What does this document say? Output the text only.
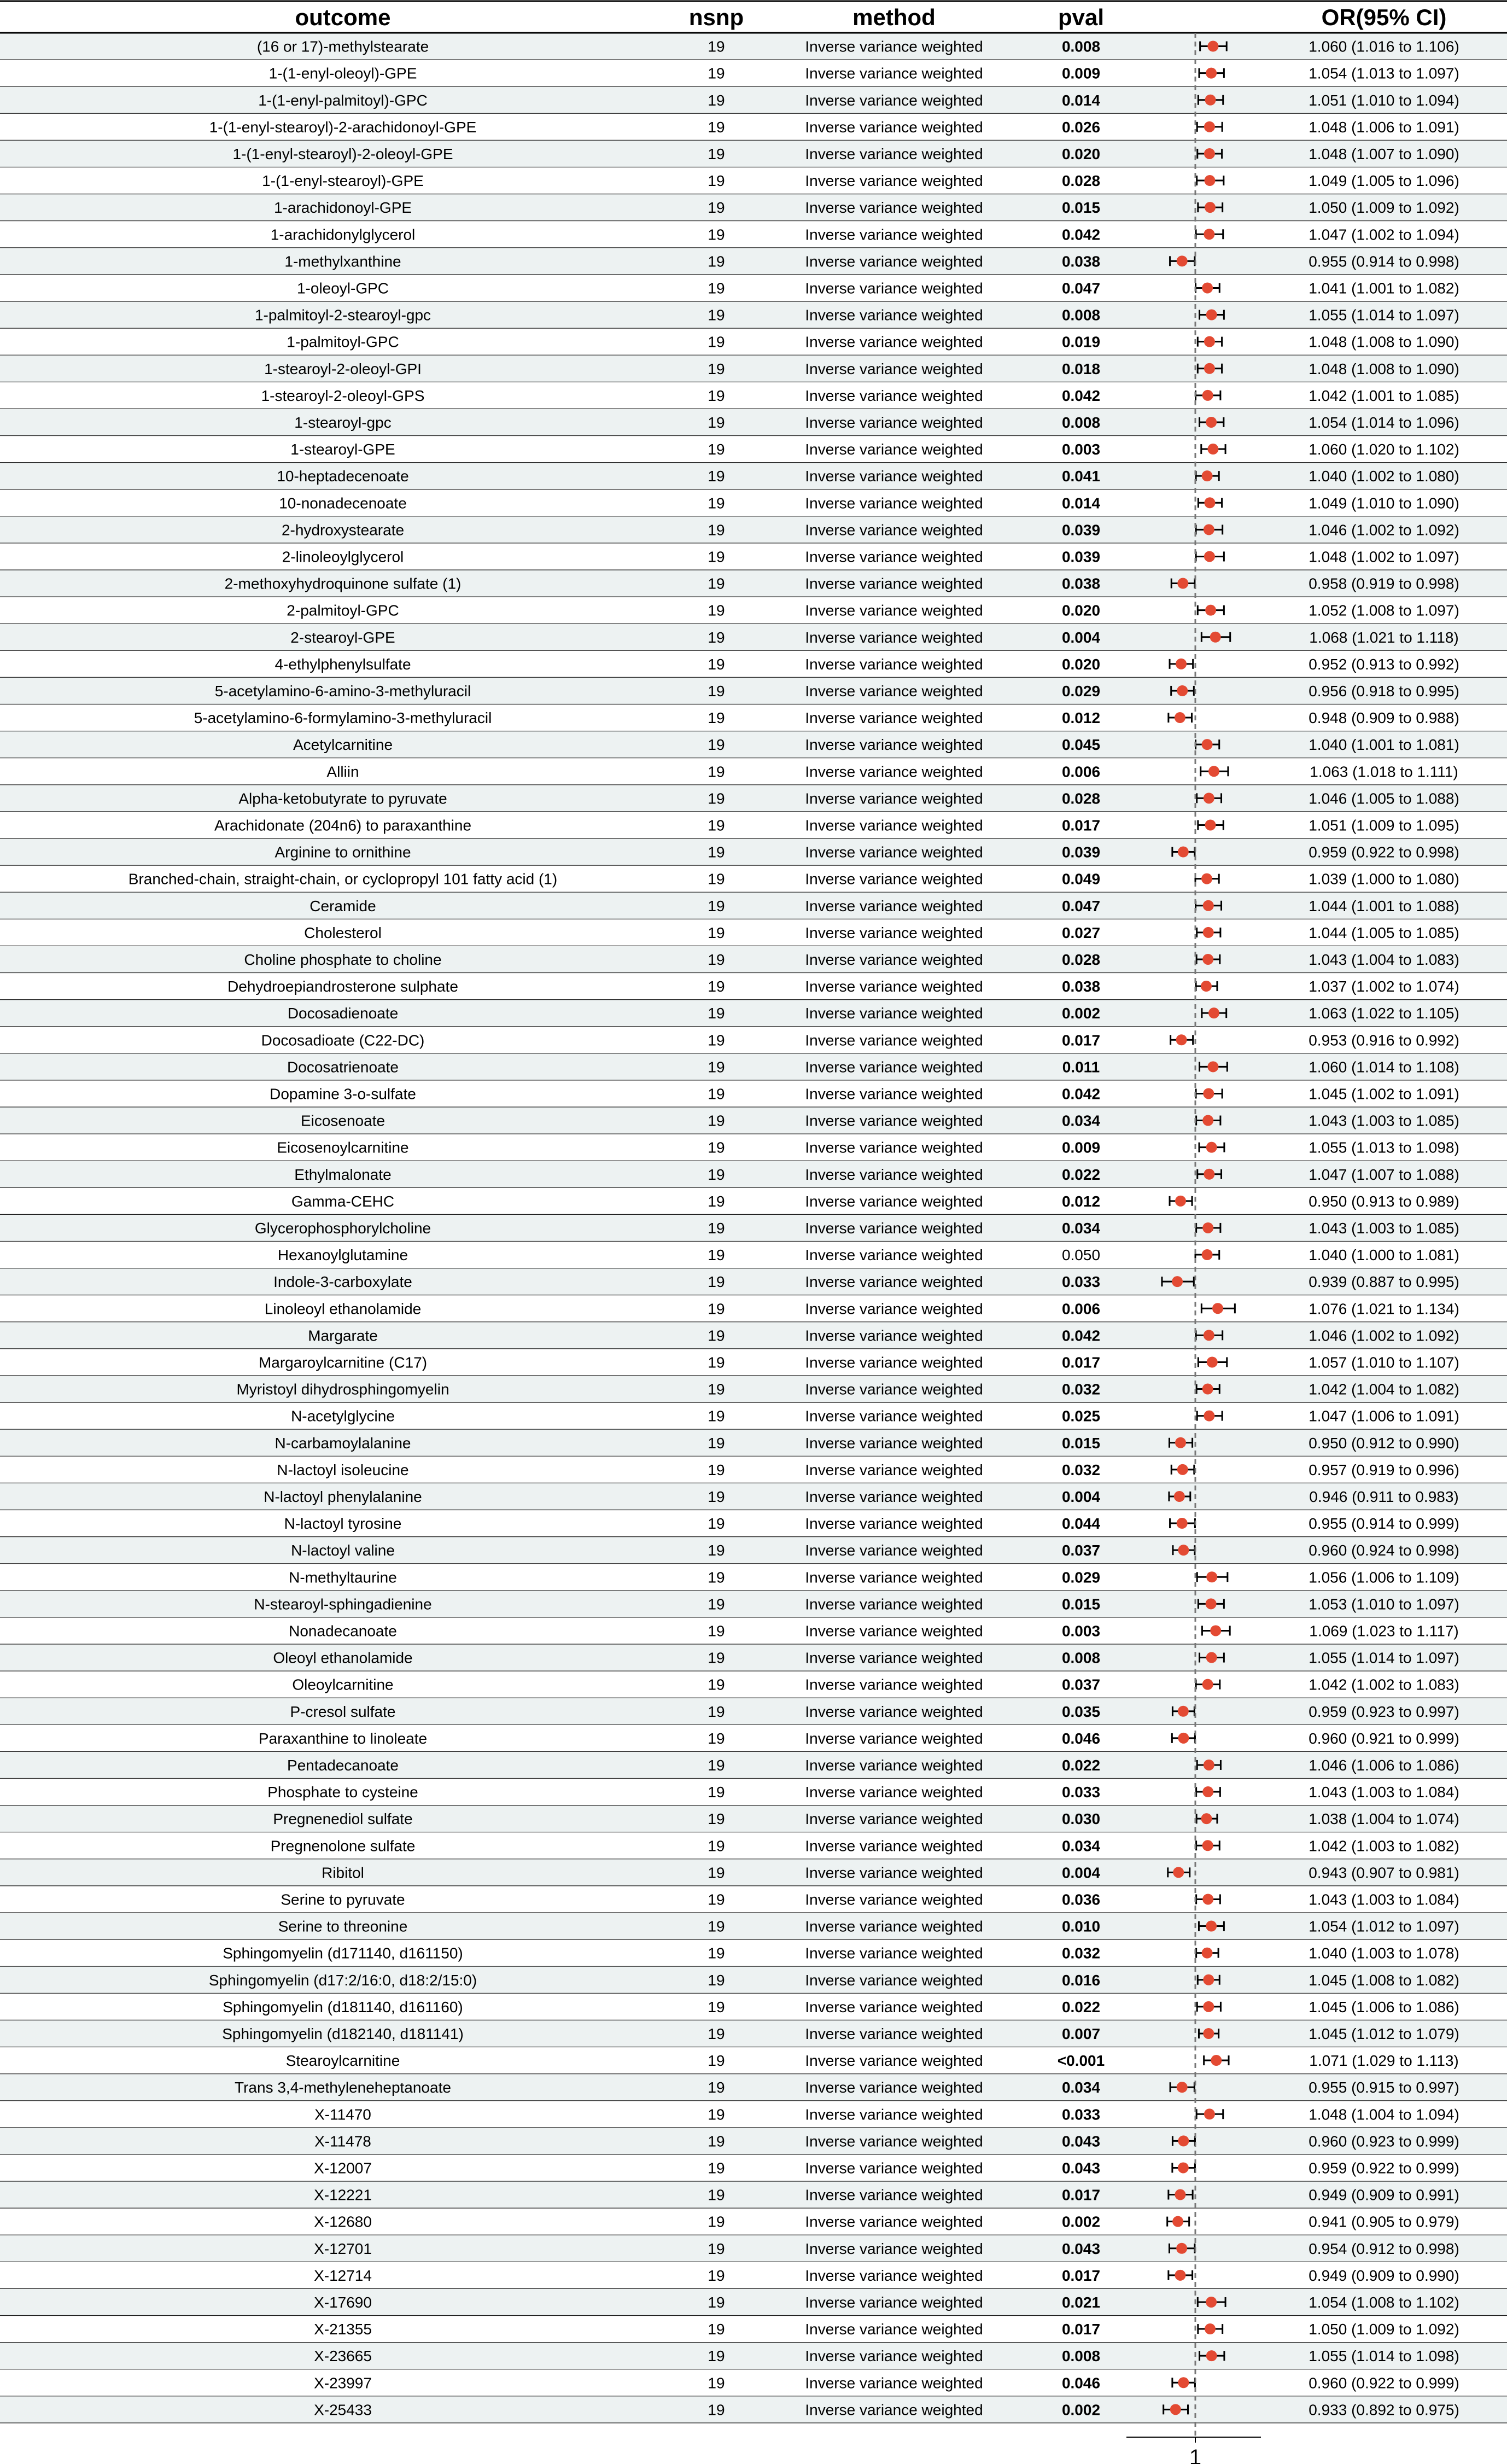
outcome	nsnp	method	pval	OR(95% CI)
(16 or 17)-methylstearate	19	Inverse variance weighted	0.008	1.060 (1.016 to 1.106)
1-(1-enyl-oleoyl)-GPE	19	Inverse variance weighted	0.009	1.054 (1.013 to 1.097)
1-(1-enyl-palmitoyl)-GPC	19	Inverse variance weighted	0.014	1.051 (1.010 to 1.094)
1-(1-enyl-stearoyl)-2-arachidonoyl-GPE	19	Inverse variance weighted	0.026	1.048 (1.006 to 1.091)
1-(1-enyl-stearoyl)-2-oleoyl-GPE	19	Inverse variance weighted	0.020	1.048 (1.007 to 1.090)
1-(1-enyl-stearoyl)-GPE	19	Inverse variance weighted	0.028	1.049 (1.005 to 1.096)
1-arachidonoyl-GPE	19	Inverse variance weighted	0.015	1.050 (1.009 to 1.092)
1-arachidonylglycerol	19	Inverse variance weighted	0.042	1.047 (1.002 to 1.094)
1-methylxanthine	19	Inverse variance weighted	0.038	0.955 (0.914 to 0.998)
1-oleoyl-GPC	19	Inverse variance weighted	0.047	1.041 (1.001 to 1.082)
1-palmitoyl-2-stearoyl-gpc	19	Inverse variance weighted	0.008	1.055 (1.014 to 1.097)
1-palmitoyl-GPC	19	Inverse variance weighted	0.019	1.048 (1.008 to 1.090)
1-stearoyl-2-oleoyl-GPI	19	Inverse variance weighted	0.018	1.048 (1.008 to 1.090)
1-stearoyl-2-oleoyl-GPS	19	Inverse variance weighted	0.042	1.042 (1.001 to 1.085)
1-stearoyl-gpc	19	Inverse variance weighted	0.008	1.054 (1.014 to 1.096)
1-stearoyl-GPE	19	Inverse variance weighted	0.003	1.060 (1.020 to 1.102)
10-heptadecenoate	19	Inverse variance weighted	0.041	1.040 (1.002 to 1.080)
10-nonadecenoate	19	Inverse variance weighted	0.014	1.049 (1.010 to 1.090)
2-hydroxystearate	19	Inverse variance weighted	0.039	1.046 (1.002 to 1.092)
2-linoleoylglycerol	19	Inverse variance weighted	0.039	1.048 (1.002 to 1.097)
2-methoxyhydroquinone sulfate (1)	19	Inverse variance weighted	0.038	0.958 (0.919 to 0.998)
2-palmitoyl-GPC	19	Inverse variance weighted	0.020	1.052 (1.008 to 1.097)
2-stearoyl-GPE	19	Inverse variance weighted	0.004	1.068 (1.021 to 1.118)
4-ethylphenylsulfate	19	Inverse variance weighted	0.020	0.952 (0.913 to 0.992)
5-acetylamino-6-amino-3-methyluracil	19	Inverse variance weighted	0.029	0.956 (0.918 to 0.995)
5-acetylamino-6-formylamino-3-methyluracil	19	Inverse variance weighted	0.012	0.948 (0.909 to 0.988)
Acetylcarnitine	19	Inverse variance weighted	0.045	1.040 (1.001 to 1.081)
Alliin	19	Inverse variance weighted	0.006	1.063 (1.018 to 1.111)
Alpha-ketobutyrate to pyruvate	19	Inverse variance weighted	0.028	1.046 (1.005 to 1.088)
Arachidonate (204n6) to paraxanthine	19	Inverse variance weighted	0.017	1.051 (1.009 to 1.095)
Arginine to ornithine	19	Inverse variance weighted	0.039	0.959 (0.922 to 0.998)
Branched-chain, straight-chain, or cyclopropyl 101 fatty acid (1)	19	Inverse variance weighted	0.049	1.039 (1.000 to 1.080)
Ceramide	19	Inverse variance weighted	0.047	1.044 (1.001 to 1.088)
Cholesterol	19	Inverse variance weighted	0.027	1.044 (1.005 to 1.085)
Choline phosphate to choline	19	Inverse variance weighted	0.028	1.043 (1.004 to 1.083)
Dehydroepiandrosterone sulphate	19	Inverse variance weighted	0.038	1.037 (1.002 to 1.074)
Docosadienoate	19	Inverse variance weighted	0.002	1.063 (1.022 to 1.105)
Docosadioate (C22-DC)	19	Inverse variance weighted	0.017	0.953 (0.916 to 0.992)
Docosatrienoate	19	Inverse variance weighted	0.011	1.060 (1.014 to 1.108)
Dopamine 3-o-sulfate	19	Inverse variance weighted	0.042	1.045 (1.002 to 1.091)
Eicosenoate	19	Inverse variance weighted	0.034	1.043 (1.003 to 1.085)
Eicosenoylcarnitine	19	Inverse variance weighted	0.009	1.055 (1.013 to 1.098)
Ethylmalonate	19	Inverse variance weighted	0.022	1.047 (1.007 to 1.088)
Gamma-CEHC	19	Inverse variance weighted	0.012	0.950 (0.913 to 0.989)
Glycerophosphorylcholine	19	Inverse variance weighted	0.034	1.043 (1.003 to 1.085)
Hexanoylglutamine	19	Inverse variance weighted	0.050	1.040 (1.000 to 1.081)
Indole-3-carboxylate	19	Inverse variance weighted	0.033	0.939 (0.887 to 0.995)
Linoleoyl ethanolamide	19	Inverse variance weighted	0.006	1.076 (1.021 to 1.134)
Margarate	19	Inverse variance weighted	0.042	1.046 (1.002 to 1.092)
Margaroylcarnitine (C17)	19	Inverse variance weighted	0.017	1.057 (1.010 to 1.107)
Myristoyl dihydrosphingomyelin	19	Inverse variance weighted	0.032	1.042 (1.004 to 1.082)
N-acetylglycine	19	Inverse variance weighted	0.025	1.047 (1.006 to 1.091)
N-carbamoylalanine	19	Inverse variance weighted	0.015	0.950 (0.912 to 0.990)
N-lactoyl isoleucine	19	Inverse variance weighted	0.032	0.957 (0.919 to 0.996)
N-lactoyl phenylalanine	19	Inverse variance weighted	0.004	0.946 (0.911 to 0.983)
N-lactoyl tyrosine	19	Inverse variance weighted	0.044	0.955 (0.914 to 0.999)
N-lactoyl valine	19	Inverse variance weighted	0.037	0.960 (0.924 to 0.998)
N-methyltaurine	19	Inverse variance weighted	0.029	1.056 (1.006 to 1.109)
N-stearoyl-sphingadienine	19	Inverse variance weighted	0.015	1.053 (1.010 to 1.097)
Nonadecanoate	19	Inverse variance weighted	0.003	1.069 (1.023 to 1.117)
Oleoyl ethanolamide	19	Inverse variance weighted	0.008	1.055 (1.014 to 1.097)
Oleoylcarnitine	19	Inverse variance weighted	0.037	1.042 (1.002 to 1.083)
P-cresol sulfate	19	Inverse variance weighted	0.035	0.959 (0.923 to 0.997)
Paraxanthine to linoleate	19	Inverse variance weighted	0.046	0.960 (0.921 to 0.999)
Pentadecanoate	19	Inverse variance weighted	0.022	1.046 (1.006 to 1.086)
Phosphate to cysteine	19	Inverse variance weighted	0.033	1.043 (1.003 to 1.084)
Pregnenediol sulfate	19	Inverse variance weighted	0.030	1.038 (1.004 to 1.074)
Pregnenolone sulfate	19	Inverse variance weighted	0.034	1.042 (1.003 to 1.082)
Ribitol	19	Inverse variance weighted	0.004	0.943 (0.907 to 0.981)
Serine to pyruvate	19	Inverse variance weighted	0.036	1.043 (1.003 to 1.084)
Serine to threonine	19	Inverse variance weighted	0.010	1.054 (1.012 to 1.097)
Sphingomyelin (d171140, d161150)	19	Inverse variance weighted	0.032	1.040 (1.003 to 1.078)
Sphingomyelin (d17:2/16:0, d18:2/15:0)	19	Inverse variance weighted	0.016	1.045 (1.008 to 1.082)
Sphingomyelin (d181140, d161160)	19	Inverse variance weighted	0.022	1.045 (1.006 to 1.086)
Sphingomyelin (d182140, d181141)	19	Inverse variance weighted	0.007	1.045 (1.012 to 1.079)
Stearoylcarnitine	19	Inverse variance weighted	<0.001	1.071 (1.029 to 1.113)
Trans 3,4-methyleneheptanoate	19	Inverse variance weighted	0.034	0.955 (0.915 to 0.997)
X-11470	19	Inverse variance weighted	0.033	1.048 (1.004 to 1.094)
X-11478	19	Inverse variance weighted	0.043	0.960 (0.923 to 0.999)
X-12007	19	Inverse variance weighted	0.043	0.959 (0.922 to 0.999)
X-12221	19	Inverse variance weighted	0.017	0.949 (0.909 to 0.991)
X-12680	19	Inverse variance weighted	0.002	0.941 (0.905 to 0.979)
X-12701	19	Inverse variance weighted	0.043	0.954 (0.912 to 0.998)
X-12714	19	Inverse variance weighted	0.017	0.949 (0.909 to 0.990)
X-17690	19	Inverse variance weighted	0.021	1.054 (1.008 to 1.102)
X-21355	19	Inverse variance weighted	0.017	1.050 (1.009 to 1.092)
X-23665	19	Inverse variance weighted	0.008	1.055 (1.014 to 1.098)
X-23997	19	Inverse variance weighted	0.046	0.960 (0.922 to 0.999)
X-25433	19	Inverse variance weighted	0.002	0.933 (0.892 to 0.975)
1
